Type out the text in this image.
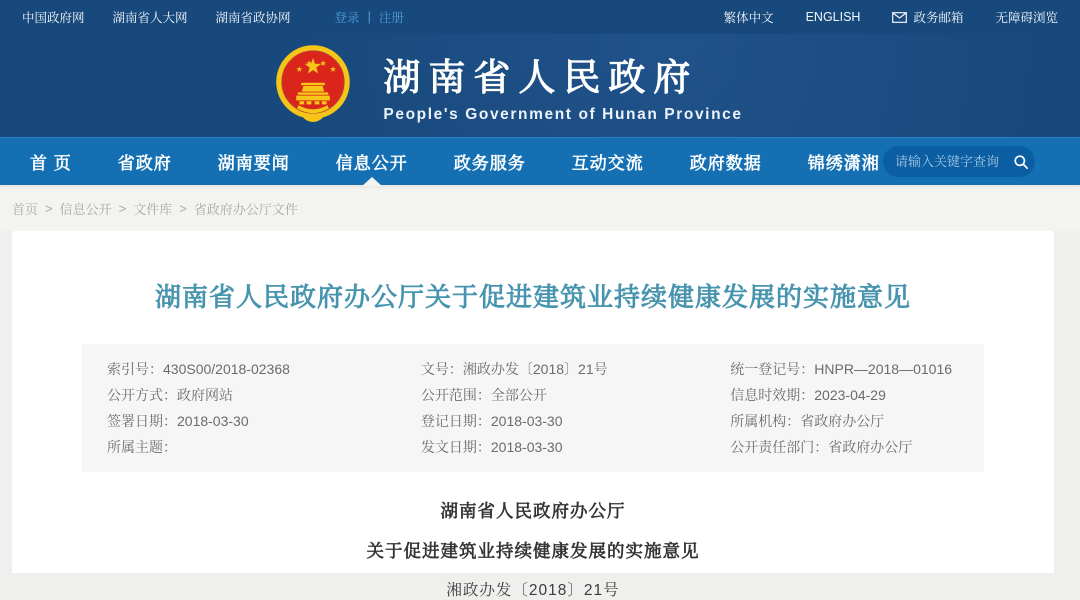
中国政府网 湖南省人大网 湖南省政协网	登录 | 注册	繁体中文	ENGLISH	政务邮箱	无障碍浏览
湖南省人民政府
People's Government of Hunan Province
首 页	省政府	湖南要闻	信息公开	政务服务	互动交流	政府数据	锦绣潇湘
请输入关键字查询
首页 > 信息公开 > 文件库 > 省政府办公厅文件
湖南省人民政府办公厅关于促进建筑业持续健康发展的实施意见
索引号：430S00/2018-02368	文号：湘政办发〔2018〕21号	统一登记号：HNPR—2018—01016
公开方式：政府网站	公开范围：全部公开	信息时效期：2023-04-29
签署日期：2018-03-30	登记日期：2018-03-30	所属机构：省政府办公厅
所属主题：	发文日期：2018-03-30	公开责任部门：省政府办公厅

湖南省人民政府办公厅

关于促进建筑业持续健康发展的实施意见

湘政办发〔2018〕21号
